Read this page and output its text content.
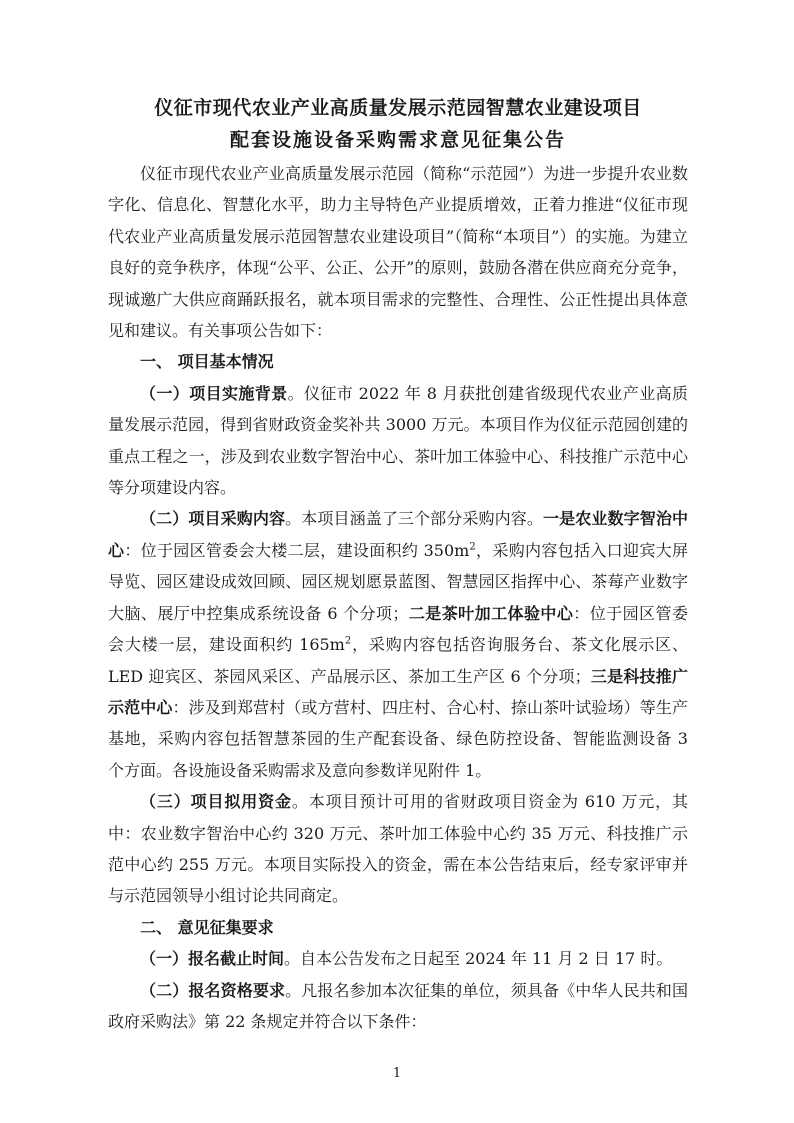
仪征市现代农业产业高质量发展示范园智慧农业建设项目
配套设施设备采购需求意见征集公告

仪征市现代农业产业高质量发展示范园（简称“示范园”）为进一步提升农业数字化、信息化、智慧化水平，助力主导特色产业提质增效，正着力推进“仪征市现代农业产业高质量发展示范园智慧农业建设项目”（简称“本项目”）的实施。为建立良好的竞争秩序，体现“公平、公正、公开”的原则，鼓励各潜在供应商充分竞争，现诚邀广大供应商踊跃报名，就本项目需求的完整性、合理性、公正性提出具体意见和建议。有关事项公告如下：

一、 项目基本情况

（一）项目实施背景。仪征市 2022 年 8 月获批创建省级现代农业产业高质量发展示范园，得到省财政资金奖补共 3000 万元。本项目作为仪征示范园创建的重点工程之一，涉及到农业数字智治中心、茶叶加工体验中心、科技推广示范中心等分项建设内容。

（二）项目采购内容。本项目涵盖了三个部分采购内容。一是农业数字智治中心：位于园区管委会大楼二层，建设面积约 $350m^2$，采购内容包括入口迎宾大屏导览、园区建设成效回顾、园区规划愿景蓝图、智慧园区指挥中心、茶莓产业数字大脑、展厅中控集成系统设备 6 个分项；二是茶叶加工体验中心：位于园区管委会大楼一层，建设面积约 $165m^2$，采购内容包括咨询服务台、茶文化展示区、LED 迎宾区、茶园风采区、产品展示区、茶加工生产区 6 个分项；三是科技推广示范中心：涉及到郑营村（或方营村、四庄村、合心村、捺山茶叶试验场）等生产基地，采购内容包括智慧茶园的生产配套设备、绿色防控设备、智能监测设备 3 个方面。各设施设备采购需求及意向参数详见附件 1。

（三）项目拟用资金。本项目预计可用的省财政项目资金为 610 万元，其中：农业数字智治中心约 320 万元、茶叶加工体验中心约 35 万元、科技推广示范中心约 255 万元。本项目实际投入的资金，需在本公告结束后，经专家评审并与示范园领导小组讨论共同商定。

二、 意见征集要求

（一）报名截止时间。自本公告发布之日起至 2024 年 11 月 2 日 17 时。

（二）报名资格要求。凡报名参加本次征集的单位，须具备《中华人民共和国政府采购法》第 22 条规定并符合以下条件：

1
